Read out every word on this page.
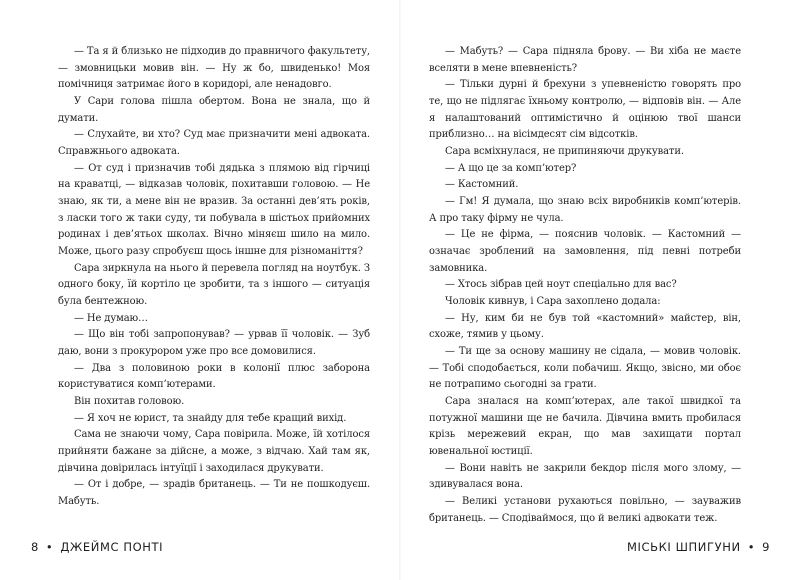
— Та я й близько не підходив до правничого факультету, — змовницьки мовив він. — Ну ж бо, швиденько! Моя помічниця затримає його в коридорі, але ненадовго.

У Сари голова пішла обертом. Вона не знала, що й думати.

— Слухайте, ви хто? Суд має призначити мені адвоката. Справжнього адвоката.

— От суд і призначив тобі дядька з плямою від гірчиці на краватці, — відказав чоловік, похитавши головою. — Не знаю, як ти, а мене він не вразив. За останні дев’ять років, з ласки того ж таки суду, ти побувала в шістьох прийомних родинах і дев’ятьох школах. Вічно міняєш шило на мило. Може, цього разу спробуєш щось іншне для різноманіття?

Сара зиркнула на нього й перевела погляд на ноутбук. З одного боку, їй кортіло це зробити, та з іншого — ситуація була бентежною.

— Не думаю…

— Що він тобі запропонував? — урвав її чоловік. — Зуб даю, вони з прокурором уже про все домовилися.

— Два з половиною роки в колонії плюс заборона користуватися комп’ютерами.

Він похитав головою.

— Я хоч не юрист, та знайду для тебе кращий вихід.

Сама не знаючи чому, Сара повірила. Може, їй хотілося прийняти бажане за дійсне, а може, з відчаю. Хай там як, дівчина довірилась інтуїції і заходилася друкувати.

— От і добре, — зрадів британець. — Ти не пошкодуєш. Мабуть.

8 • ДЖЕЙМС ПОНТІ

— Мабуть? — Сара підняла брову. — Ви хіба не маєте вселяти в мене впевненість?

— Тільки дурні й брехуни з упевненістю говорять про те, що не підлягає їхньому контролю, — відповів він. — Але я налаштований оптимістично й оцінюю твої шанси приблизно… на вісімдесят сім відсотків.

Сара всміхнулася, не припиняючи друкувати.

— А що це за комп’ютер?

— Кастомний.

— Гм! Я думала, що знаю всіх виробників комп’ютерів. А про таку фірму не чула.

— Це не фірма, — пояснив чоловік. — Кастомний — означає зроблений на замовлення, під певні потреби замовника.

— Хтось зібрав цей ноут спеціально для вас?

Чоловік кивнув, і Сара захоплено додала:

— Ну, ким би не був той «кастомний» майстер, він, схоже, тямив у цьому.

— Ти ще за основу машину не сідала, — мовив чоловік. — Тобі сподобається, коли побачиш. Якщо, звісно, ми обоє не потрапимо сьогодні за грати.

Сара зналася на комп’ютерах, але такої швидкої та потужної машини ще не бачила. Дівчина вмить пробилася крізь мережевий екран, що мав захищати портал ювенальної юстиції.

— Вони навіть не закрили бекдор після мого злому, — здивувалася вона.

— Великі установи рухаються повільно, — зауважив британець. — Сподіваймося, що й великі адвокати теж.

МІСЬКІ ШПИГУНИ • 9
